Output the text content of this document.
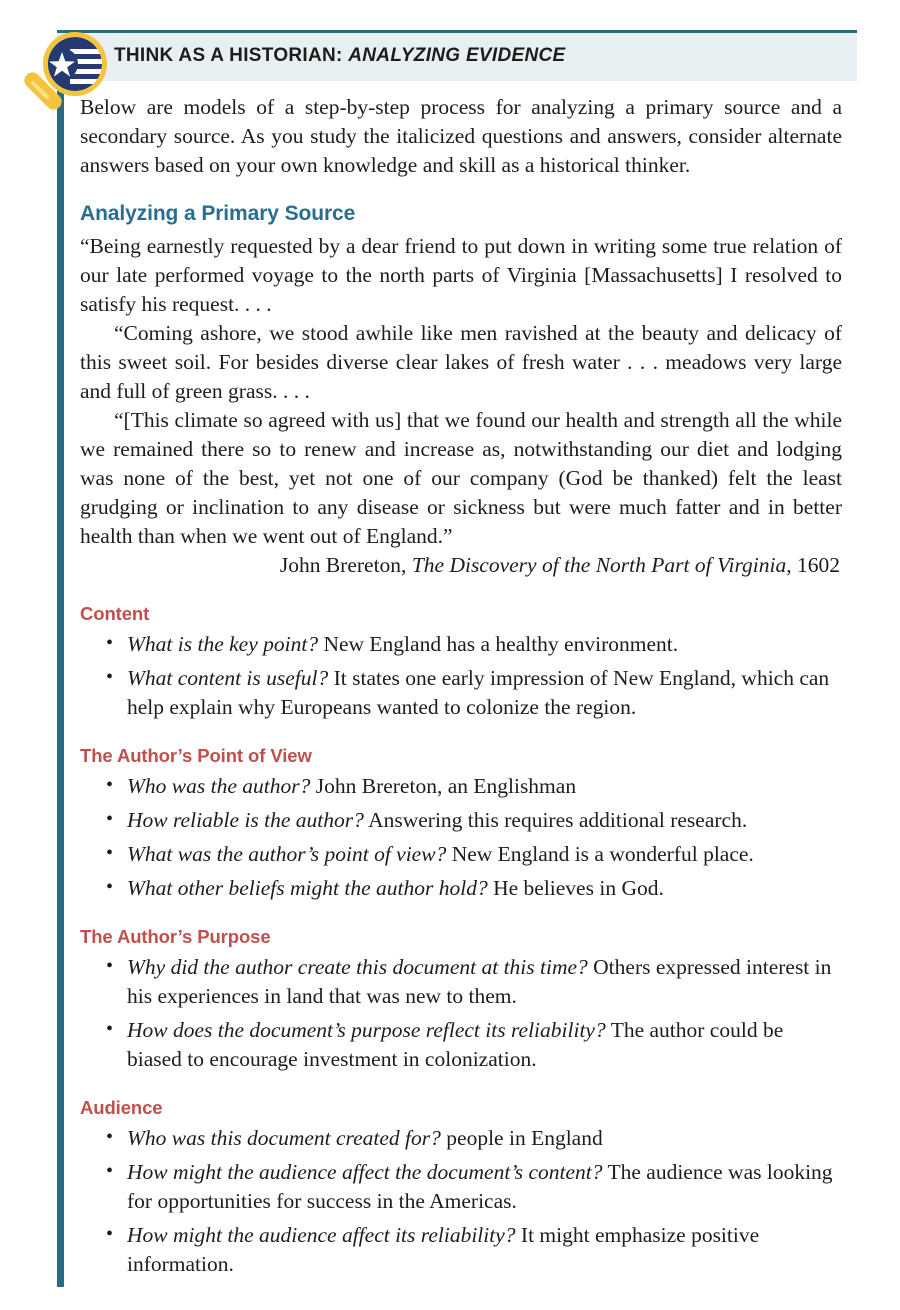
THINK AS A HISTORIAN: ANALYZING EVIDENCE

Below are models of a step-by-step process for analyzing a primary source and a secondary source. As you study the italicized questions and answers, consider alternate answers based on your own knowledge and skill as a historical thinker.

Analyzing a Primary Source

“Being earnestly requested by a dear friend to put down in writing some true relation of our late performed voyage to the north parts of Virginia [Massachusetts] I resolved to satisfy his request. . . .

“Coming ashore, we stood awhile like men ravished at the beauty and delicacy of this sweet soil. For besides diverse clear lakes of fresh water . . . meadows very large and full of green grass. . . .

“[This climate so agreed with us] that we found our health and strength all the while we remained there so to renew and increase as, notwithstanding our diet and lodging was none of the best, yet not one of our company (God be thanked) felt the least grudging or inclination to any disease or sickness but were much fatter and in better health than when we went out of England.”

John Brereton, The Discovery of the North Part of Virginia, 1602

Content
• What is the key point? New England has a healthy environment.
• What content is useful? It states one early impression of New England, which can help explain why Europeans wanted to colonize the region.
The Author’s Point of View
• Who was the author? John Brereton, an Englishman
• How reliable is the author? Answering this requires additional research.
• What was the author’s point of view? New England is a wonderful place.
• What other beliefs might the author hold? He believes in God.
The Author’s Purpose
• Why did the author create this document at this time? Others expressed interest in his experiences in land that was new to them.
• How does the document’s purpose reflect its reliability? The author could be biased to encourage investment in colonization.
Audience
• Who was this document created for? people in England
• How might the audience affect the document’s content? The audience was looking for opportunities for success in the Americas.
• How might the audience affect its reliability? It might emphasize positive information.
